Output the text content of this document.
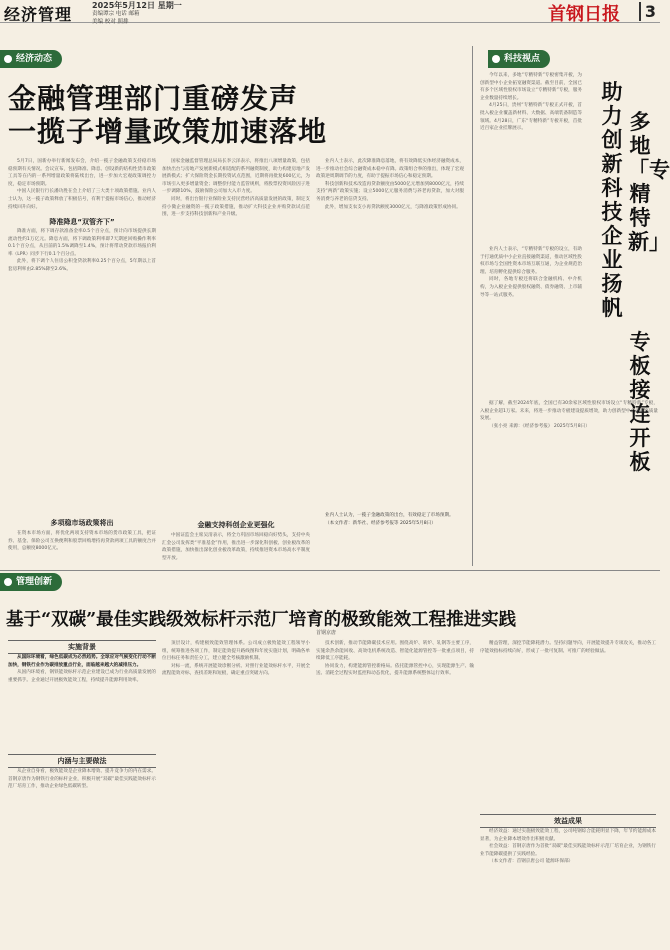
经济管理 2025年5月12日 星期一
责编谭宗 电话 邮箱
美编 校对 照排	首钢日报	3
经济动态	科技视点
管理创新
金融管理部门重磅发声
一揽子增量政策加速落地

5月7日，国新办举行新闻发布会，介绍一揽子金融政策支持稳市场稳预期有关情况。会议宣布，包括降准、降息、创设新的结构性货币政策工具等在内的一系列增量政策将陆续出台，进一步加大宏观政策调控力度，稳定市场预期。

中国人民银行行长潘功胜在会上介绍了三大类十项政策措施。业内人士认为，这一揽子政策释放了积极信号，有利于提振市场信心，推动经济持续回升向好。

降准降息“双管齐下”

降准方面，将下调存款准备金率0.5个百分点，预计向市场提供长期流动性约1万亿元。降息方面，将下调政策利率即7天期逆回购操作利率0.1个百分点，从目前的1.5%调降至1.4%，预计将带动贷款市场报价利率（LPR）同步下行0.1个百分点。

此外，将下调个人住房公积金贷款利率0.25个百分点，5年期以上首套房利率由2.85%降至2.6%。

多项稳市场政策将出

在资本市场方面，将优化两项支持资本市场的货币政策工具，把证券、基金、保险公司互换便利和股票回购增持再贷款两项工具的额度合并使用，总额度8000亿元。

国家金融监督管理总局局长李云泽表示，将推出八项增量政策，包括加快出台与房地产发展新模式相适配的系列融资制度，助力构建房地产发展新模式；扩大保险资金长期投资试点范围，近期将再批复600亿元，为市场引入更多增量资金；调整偿付能力监管规则，将股票投资风险因子进一步调降10%，鼓励保险公司加大入市力度。

同时，将出台银行业保险业支持民营经济高质量发展的政策，制定支持小微企业融资的一揽子政策措施，推动扩大科技企业并购贷款试点范围，进一步支持科技创新和产业升级。

金融支持科创企业更强化

中国证监会主席吴清表示，将全力巩固市场回稳向好势头，支持中央汇金公司发挥类“平准基金”作用，推出进一步深化科创板、创业板改革的政策措施，加快推出深化创业板改革政策，持续推进资本市场高水平制度型开放。

业内人士表示，此次降准降息落地，将有效降低实体经济融资成本，进一步推动社会综合融资成本稳中有降。政策组合拳的推出，体现了宏观政策逆周期调节的力度，有助于提振市场信心和稳定预期。

科技创新和技术改造再贷款额度由5000亿元增加到8000亿元，持续支持“两新”政策实施；设立5000亿元服务消费与养老再贷款，加大对服务消费与养老的信贷支持。

此外，增加支农支小再贷款额度3000亿元，与降准政策形成协同。

业内人士认为，一揽子金融政策的出台，有效稳定了市场预期。

（本文作者：新华社、经济参考报等 2025年5月8日）

今年以来，多地“专精特新”专板密集开板，为创新型中小企业拓宽融资渠道。截至目前，全国已有多个区域性股权市场设立“专精特新”专板，服务企业数量持续增长。

4月25日，贵州“专精特新”专板正式开板，首批入板企业覆盖新材料、大数据、高端装备制造等领域。4月28日，广东“专精特新”专板开板，首批近百家企业挂牌展示。	多地「专精特新」
助力创新科技企业扬帆
专板接连开板

业内人士表示，“专精特新”专板的设立，有助于打通优质中小企业直接融资渠道，推动区域性股权市场与全国性资本市场互联互通，为企业规范治理、培育孵化提供综合服务。

同时，各地专板还将联合金融机构、中介机构，为入板企业提供股权融资、债券融资、上市辅导等一站式服务。

据了解，截至2024年底，全国已有30余家区域性股权市场设立“专精特新”专板，入板企业超1万家。未来，将进一步推动专板建设提质增效，助力创新型中小企业高质量发展。

（张小亮 来源：《经济参考报》 2025年5月8日）

基于“双碳”最佳实践级效标杆示范厂培育的极致能效工程推进实践
首钢京唐
实施背景

从国际环境看，绿色低碳成为必然趋势。全球应对气候变化行动不断加快，钢铁行业作为碳排放重点行业，面临越来越大的减排压力。

从国内环境看，钢铁能效标杆示范企业建设已成为行业高质量发展的重要抓手。企业通过开展极致能效工程，持续提升能源利用效率。

内涵与主要做法

从企业自身看，极致能效是企业降本增效、提升竞争力的内在需求。首钢京唐作为钢铁行业的标杆企业，积极开展“双碳”最佳实践能效标杆示范厂培育工作，推动企业绿色低碳转型。

顶层设计，构建极致能效管理体系。公司成立极致能效工程领导小组，统筹推进各项工作，制定能效提升路线图和年度实施计划，明确各单位目标任务和责任分工，建立健全考核激励机制。

对标一流，系统开展能效诊断分析。对照行业能效标杆水平，开展全流程能效对标，查找差距和短板，确定重点突破方向。

技术创新，推动节能降碳技术应用。围绕高炉、转炉、轧钢等主要工序，实施余热余能回收、高效电机系统改造、智能化能源管控等一批重点项目，持续降低工序能耗。

协同发力，构建能源管控新格局。依托能源管控中心，实现能源生产、输送、消耗全过程实时监控和动态优化，提升能源系统整体运行效率。

精益管理，深挖节能降耗潜力。坚持问题导向，开展能效提升专项攻关，推动各工序能效指标持续向好，形成了一批可复制、可推广的经验做法。

效益成果

经济效益：通过实施极致能效工程，公司吨钢综合能耗明显下降，年节约能源成本显著，为企业降本增效作出积极贡献。

社会效益：首钢京唐作为首批“双碳”最佳实践能效标杆示范厂培育企业，为钢铁行业节能降碳提供了实践经验。

（本文作者：首钢京唐公司 能源环保部）
